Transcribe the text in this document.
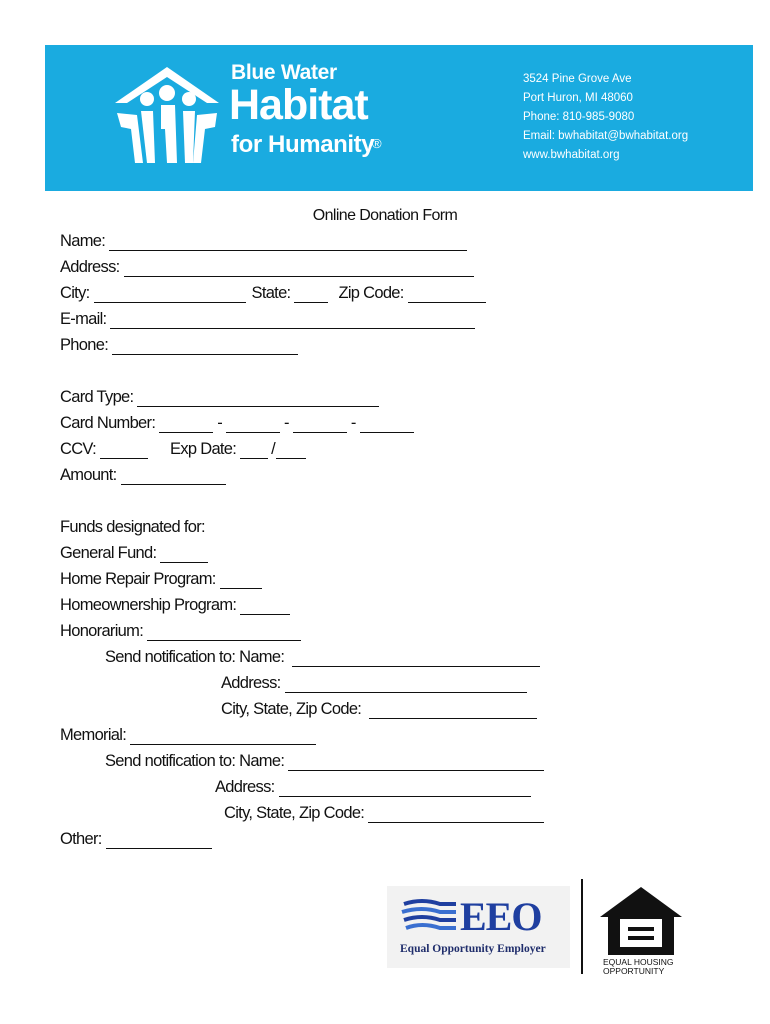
Blue Water
Habitat
for Humanity
®
3524 Pine Grove Ave
Port Huron, MI 48060
Phone: 810-985-9080
Email: bwhabitat@bwhabitat.org
www.bwhabitat.org
Online Donation Form
Name:
Address:
City:	State:	Zip Code:
E-mail:
Phone:
Card Type:
Card Number:	-	-	-
CCV:	Exp Date: /
Amount:
Funds designated for:
General Fund:
Home Repair Program:
Homeownership Program:
Honorarium:
Send notification to: Name:
Address:
City, State, Zip Code:
Memorial:
Send notification to: Name:
Address:
City, State, Zip Code:
Other:
EEO
Equal Opportunity Employer
EQUAL HOUSING
OPPORTUNITY
